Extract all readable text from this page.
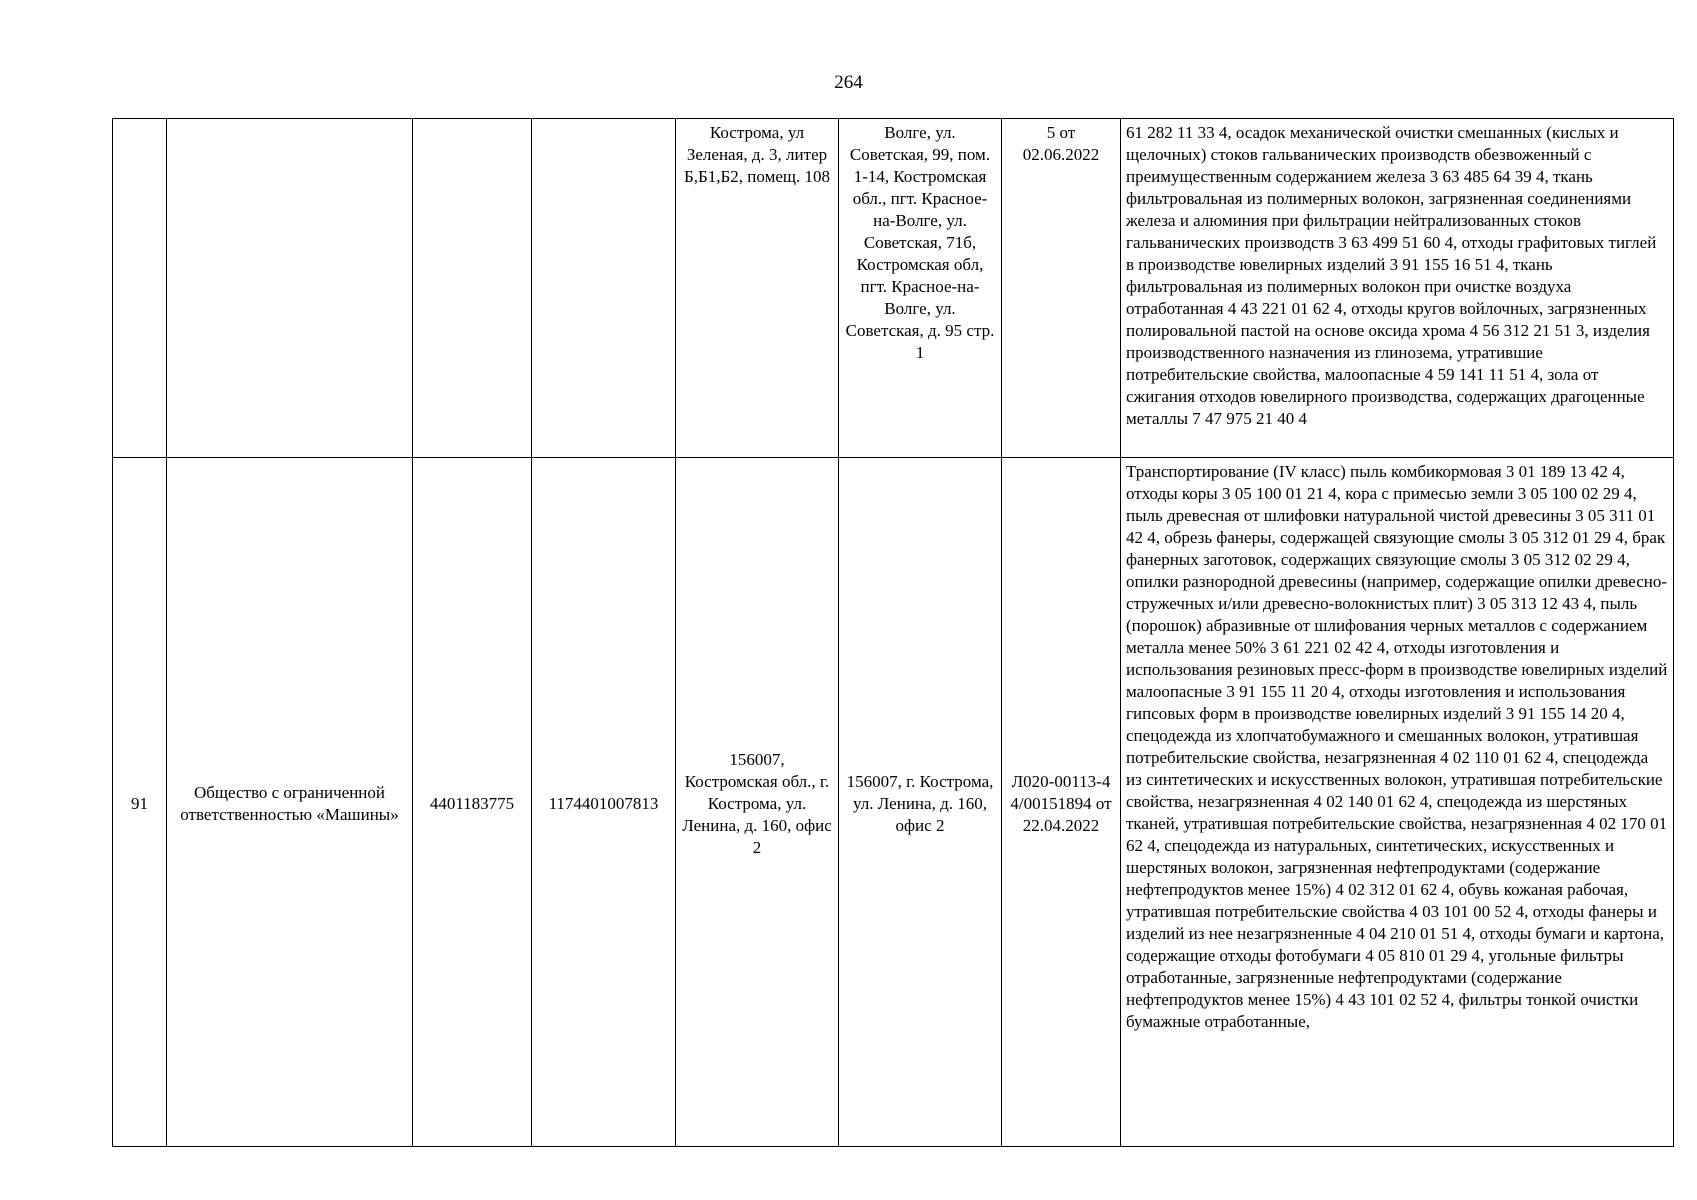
264
				Кострома, ул Зеленая, д. 3, литер Б,Б1,Б2, помещ. 108	Волге, ул. Советская, 99, пом. 1-14, Костромская обл., пгт. Красное-на-Волге, ул. Советская, 71б, Костромская обл, пгт. Красное-на-Волге, ул. Советская, д. 95 стр. 1	5 от 02.06.2022	61 282 11 33 4, осадок механической очистки смешанных (кислых и щелочных) стоков гальванических производств обезвоженный с преимущественным содержанием железа 3 63 485 64 39 4, ткань фильтровальная из полимерных волокон, загрязненная соединениями железа и алюминия при фильтрации нейтрализованных стоков гальванических производств 3 63 499 51 60 4, отходы графитовых тиглей в производстве ювелирных изделий 3 91 155 16 51 4, ткань фильтровальная из полимерных волокон при очистке воздуха отработанная 4 43 221 01 62 4, отходы кругов войлочных, загрязненных полировальной пастой на основе оксида хрома 4 56 312 21 51 3, изделия производственного назначения из глинозема, утратившие потребительские свойства, малоопасные 4 59 141 11 51 4, зола от сжигания отходов ювелирного производства, содержащих драгоценные металлы 7 47 975 21 40 4
91	Общество с ограниченной ответственностью «Машины»	4401183775	1174401007813	156007, Костромская обл., г. Кострома, ул. Ленина, д. 160, офис 2	156007, г. Кострома, ул. Ленина, д. 160, офис 2	Л020-00113-44/00151894 от 22.04.2022	Транспортирование (IV класс) пыль комбикормовая 3 01 189 13 42 4, отходы коры 3 05 100 01 21 4, кора с примесью земли 3 05 100 02 29 4, пыль древесная от шлифовки натуральной чистой древесины 3 05 311 01 42 4, обрезь фанеры, содержащей связующие смолы 3 05 312 01 29 4, брак фанерных заготовок, содержащих связующие смолы 3 05 312 02 29 4, опилки разнородной древесины (например, содержащие опилки древесно-стружечных и/или древесно-волокнистых плит) 3 05 313 12 43 4, пыль (порошок) абразивные от шлифования черных металлов с содержанием металла менее 50% 3 61 221 02 42 4, отходы изготовления и использования резиновых пресс-форм в производстве ювелирных изделий малоопасные 3 91 155 11 20 4, отходы изготовления и использования гипсовых форм в производстве ювелирных изделий 3 91 155 14 20 4, спецодежда из хлопчатобумажного и смешанных волокон, утратившая потребительские свойства, незагрязненная 4 02 110 01 62 4, спецодежда из синтетических и искусственных волокон, утратившая потребительские свойства, незагрязненная 4 02 140 01 62 4, спецодежда из шерстяных тканей, утратившая потребительские свойства, незагрязненная 4 02 170 01 62 4, спецодежда из натуральных, синтетических, искусственных и шерстяных волокон, загрязненная нефтепродуктами (содержание нефтепродуктов менее 15%) 4 02 312 01 62 4, обувь кожаная рабочая, утратившая потребительские свойства 4 03 101 00 52 4, отходы фанеры и изделий из нее незагрязненные 4 04 210 01 51 4, отходы бумаги и картона, содержащие отходы фотобумаги 4 05 810 01 29 4, угольные фильтры отработанные, загрязненные нефтепродуктами (содержание нефтепродуктов менее 15%) 4 43 101 02 52 4, фильтры тонкой очистки бумажные отработанные,
